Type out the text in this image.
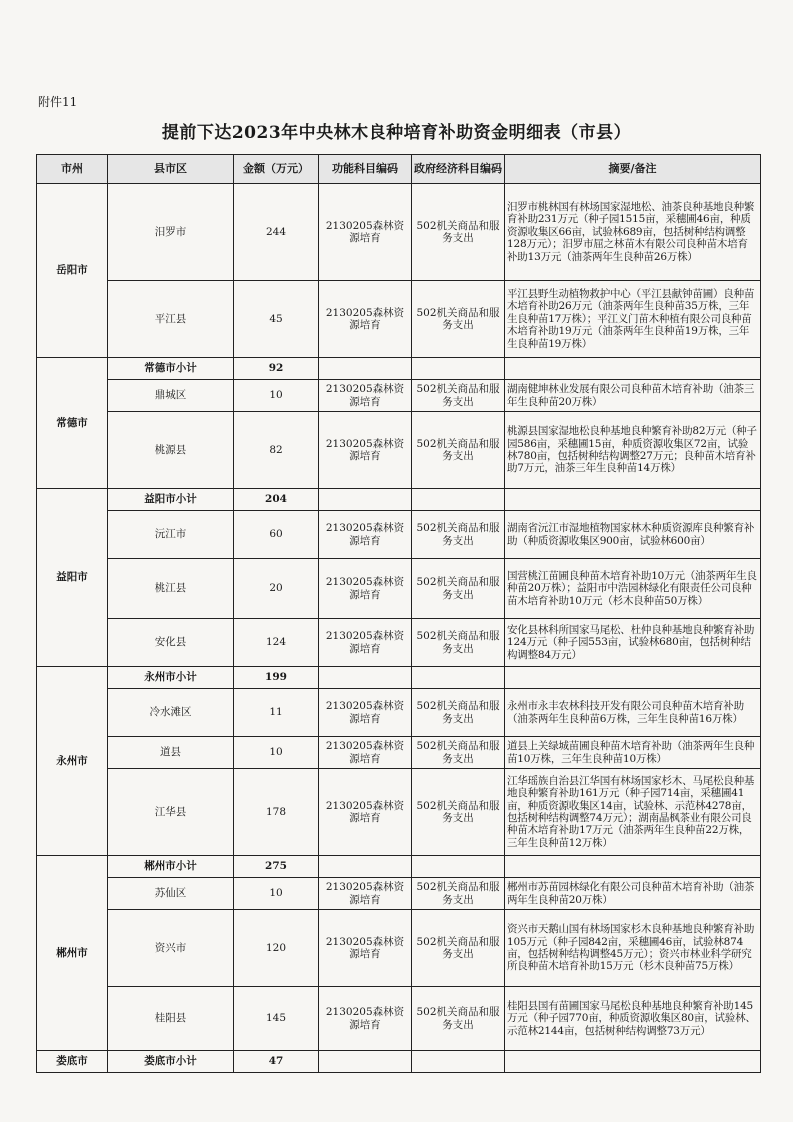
附件11
提前下达2023年中央林木良种培育补助资金明细表（市县）
市州	县市区	金额（万元）	功能科目编码	政府经济科目编码	摘要/备注
岳阳市	汨罗市	244	2130205森林资源培育	502机关商品和服务支出	汨罗市桃林国有林场国家湿地松、油茶良种基地良种繁育补助231万元（种子园1515亩，采穗圃46亩，种质资源收集区66亩，试验林689亩，包括树种结构调整128万元）；汨罗市屈之林苗木有限公司良种苗木培育补助13万元（油茶两年生良种苗26万株）
	平江县	45	2130205森林资源培育	502机关商品和服务支出	平江县野生动植物救护中心（平江县献钟苗圃）良种苗木培育补助26万元（油茶两年生良种苗35万株，三年生良种苗17万株）；平江义门苗木种植有限公司良种苗木培育补助19万元（油茶两年生良种苗19万株，三年生良种苗19万株）
常德市	常德市小计	92			
	鼎城区	10	2130205森林资源培育	502机关商品和服务支出	湖南健坤林业发展有限公司良种苗木培育补助（油茶三年生良种苗20万株）
	桃源县	82	2130205森林资源培育	502机关商品和服务支出	桃源县国家湿地松良种基地良种繁育补助82万元（种子园586亩，采穗圃15亩，种质资源收集区72亩，试验林780亩，包括树种结构调整27万元；良种苗木培育补助7万元，油茶三年生良种苗14万株）
益阳市	益阳市小计	204			
	沅江市	60	2130205森林资源培育	502机关商品和服务支出	湖南省沅江市湿地植物国家林木种质资源库良种繁育补助（种质资源收集区900亩，试验林600亩）
	桃江县	20	2130205森林资源培育	502机关商品和服务支出	国营桃江苗圃良种苗木培育补助10万元（油茶两年生良种苗20万株）；益阳市中浩园林绿化有限责任公司良种苗木培育补助10万元（杉木良种苗50万株）
	安化县	124	2130205森林资源培育	502机关商品和服务支出	安化县林科所国家马尾松、杜仲良种基地良种繁育补助124万元（种子园553亩，试验林680亩，包括树种结构调整84万元）
永州市	永州市小计	199			
	冷水滩区	11	2130205森林资源培育	502机关商品和服务支出	永州市永丰农林科技开发有限公司良种苗木培育补助（油茶两年生良种苗6万株，三年生良种苗16万株）
	道县	10	2130205森林资源培育	502机关商品和服务支出	道县上关绿城苗圃良种苗木培育补助（油茶两年生良种苗10万株，三年生良种苗10万株）
	江华县	178	2130205森林资源培育	502机关商品和服务支出	江华瑶族自治县江华国有林场国家杉木、马尾松良种基地良种繁育补助161万元（种子园714亩，采穗圃41亩，种质资源收集区14亩，试验林、示范林4278亩，包括树种结构调整74万元）；湖南晶枫茶业有限公司良种苗木培育补助17万元（油茶两年生良种苗22万株，三年生良种苗12万株）
郴州市	郴州市小计	275			
	苏仙区	10	2130205森林资源培育	502机关商品和服务支出	郴州市苏苗园林绿化有限公司良种苗木培育补助（油茶两年生良种苗20万株）
	资兴市	120	2130205森林资源培育	502机关商品和服务支出	资兴市天鹅山国有林场国家杉木良种基地良种繁育补助105万元（种子园842亩，采穗圃46亩，试验林874亩，包括树种结构调整45万元）；资兴市林业科学研究所良种苗木培育补助15万元（杉木良种苗75万株）
	桂阳县	145	2130205森林资源培育	502机关商品和服务支出	桂阳县国有苗圃国家马尾松良种基地良种繁育补助145万元（种子园770亩，种质资源收集区80亩，试验林、示范林2144亩，包括树种结构调整73万元）
娄底市	娄底市小计	47			
